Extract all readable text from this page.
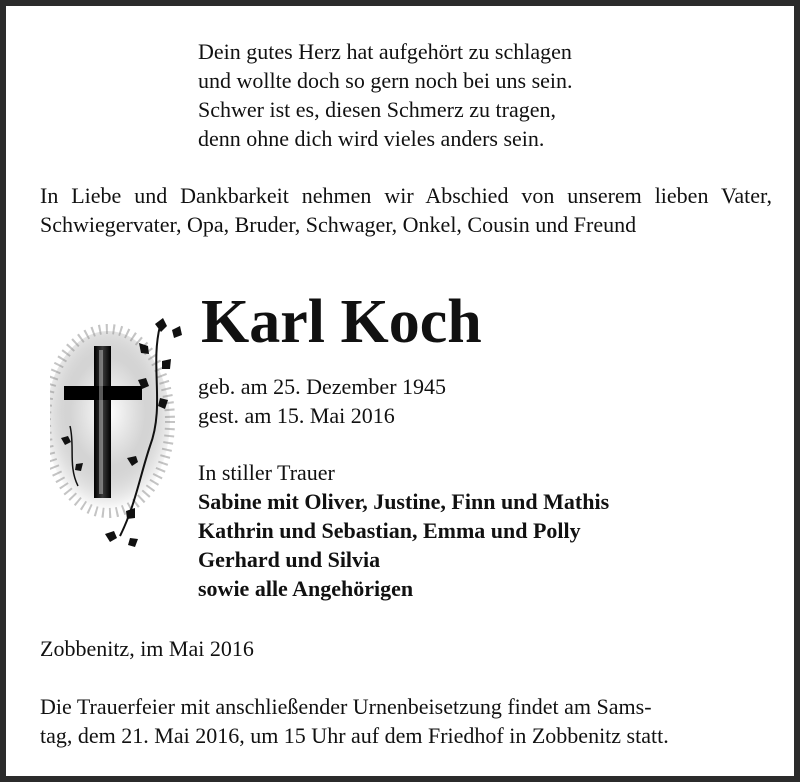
Dein gutes Herz hat aufgehört zu schlagen
und wollte doch so gern noch bei uns sein.
Schwer ist es, diesen Schmerz zu tragen,
denn ohne dich wird vieles anders sein.
In Liebe und Dankbarkeit nehmen wir Abschied von unserem lieben Vater, Schwiegervater, Opa, Bruder, Schwager, Onkel, Cousin und Freund
Karl Koch
geb. am 25. Dezember 1945
gest. am 15. Mai 2016
In stiller Trauer
Sabine mit Oliver, Justine, Finn und Mathis
Kathrin und Sebastian, Emma und Polly
Gerhard und Silvia
sowie alle Angehörigen
Zobbenitz, im Mai 2016
Die Trauerfeier mit anschließender Urnenbeisetzung findet am Sams-
tag, dem 21. Mai 2016, um 15 Uhr auf dem Friedhof in Zobbenitz statt.
